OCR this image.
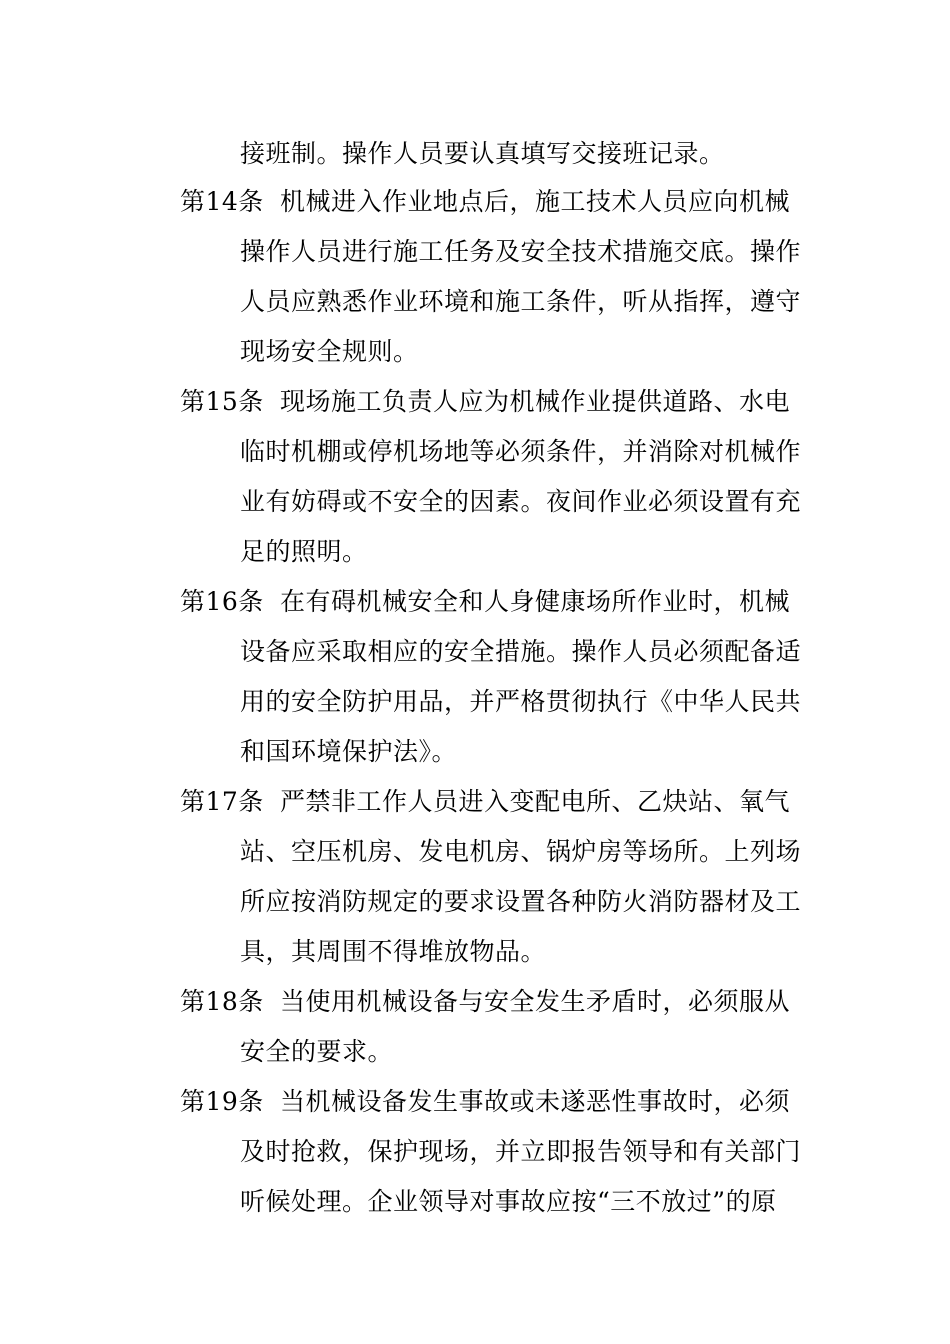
接班制。操作人员要认真填写交接班记录。
第14条 机械进入作业地点后，施工技术人员应向机械
操作人员进行施工任务及安全技术措施交底。操作
人员应熟悉作业环境和施工条件，听从指挥，遵守
现场安全规则。
第15条 现场施工负责人应为机械作业提供道路、水电
临时机棚或停机场地等必须条件，并消除对机械作
业有妨碍或不安全的因素。夜间作业必须设置有充
足的照明。
第16条 在有碍机械安全和人身健康场所作业时，机械
设备应采取相应的安全措施。操作人员必须配备适
用的安全防护用品，并严格贯彻执行《中华人民共
和国环境保护法》。
第17条 严禁非工作人员进入变配电所、乙炔站、氧气
站、空压机房、发电机房、锅炉房等场所。上列场
所应按消防规定的要求设置各种防火消防器材及工
具，其周围不得堆放物品。
第18条 当使用机械设备与安全发生矛盾时，必须服从
安全的要求。
第19条 当机械设备发生事故或未遂恶性事故时，必须
及时抢救，保护现场，并立即报告领导和有关部门
听候处理。企业领导对事故应按“三不放过”的原
